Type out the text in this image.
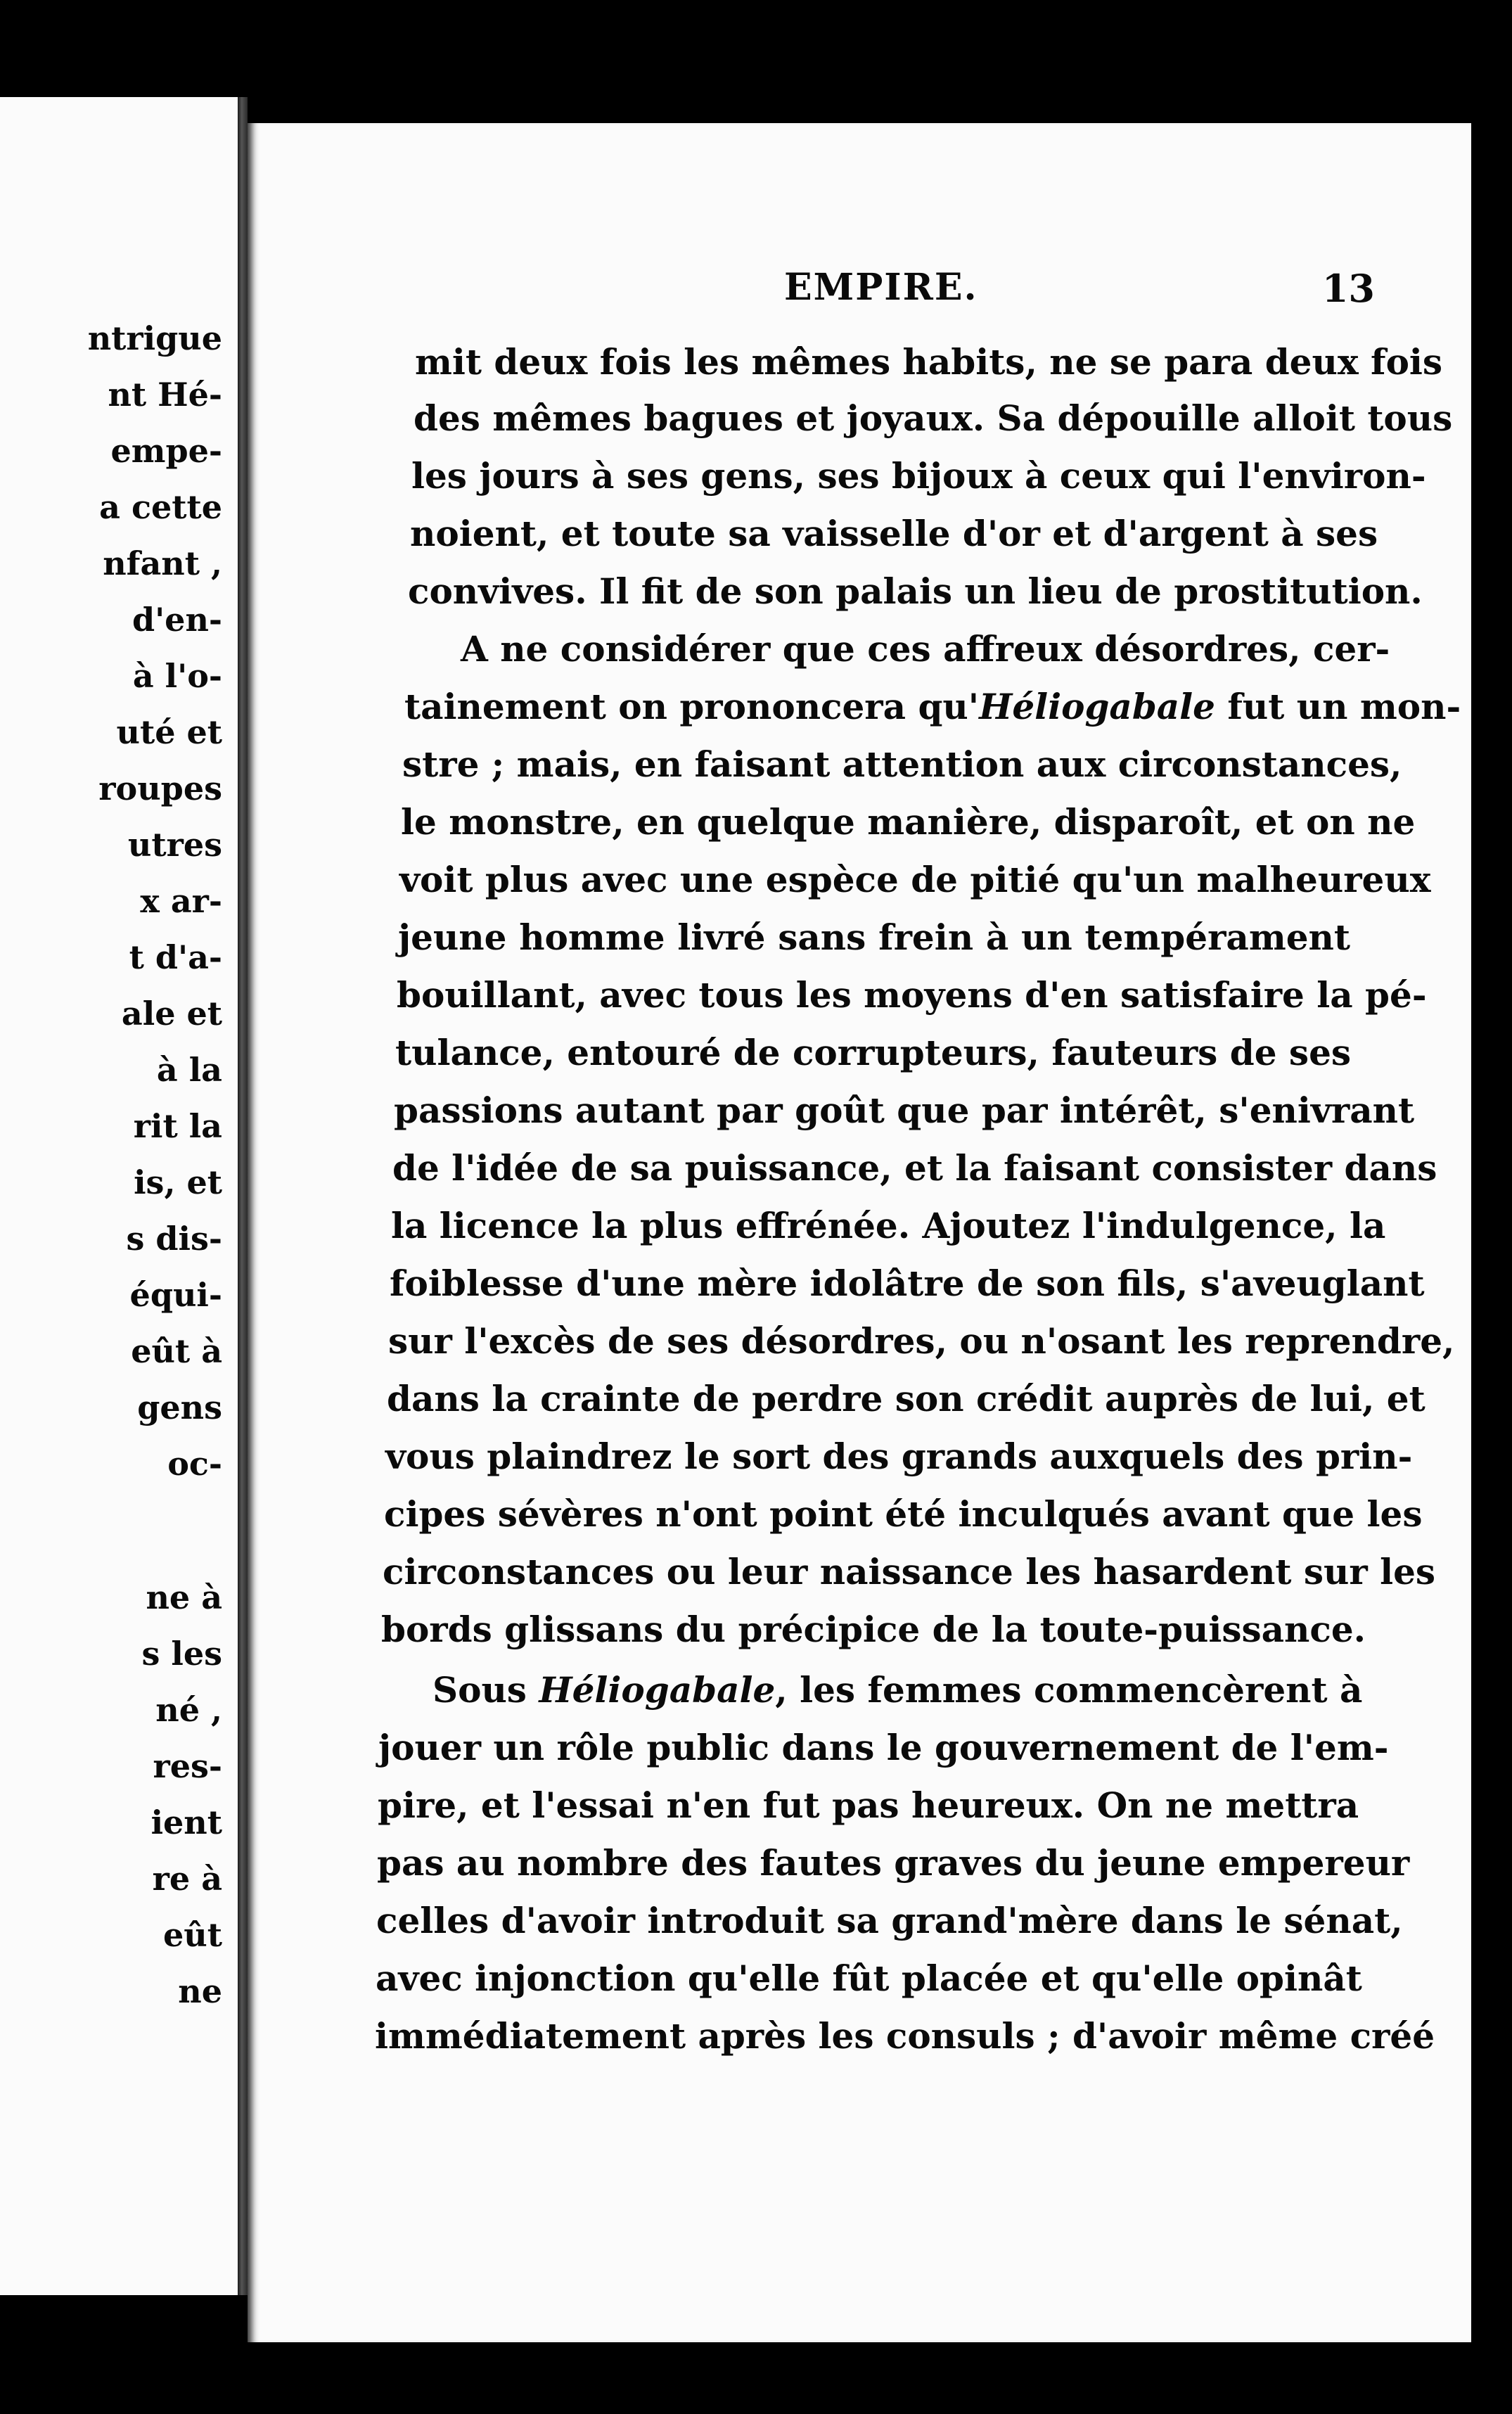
ntrigue
nt Hé-
empe-
a cette
nfant ,
d'en-
à l'o-
uté et
roupes
utres
x ar-
t d'a-
ale et
à la
rit la
is, et
s dis-
équi-
eût à
gens
oc-
ne à
s les
né ,
res-
ient
re à
eût
ne
EMPIRE.	13
mit deux fois les mêmes habits, ne se para deux fois
des mêmes bagues et joyaux. Sa dépouille alloit tous
les jours à ses gens, ses bijoux à ceux qui l'environ-
noient, et toute sa vaisselle d'or et d'argent à ses
convives. Il fit de son palais un lieu de prostitution.
A ne considérer que ces affreux désordres, cer-
tainement on prononcera qu'Héliogabale fut un mon-
stre ; mais, en faisant attention aux circonstances,
le monstre, en quelque manière, disparoît, et on ne
voit plus avec une espèce de pitié qu'un malheureux
jeune homme livré sans frein à un tempérament
bouillant, avec tous les moyens d'en satisfaire la pé-
tulance, entouré de corrupteurs, fauteurs de ses
passions autant par goût que par intérêt, s'enivrant
de l'idée de sa puissance, et la faisant consister dans
la licence la plus effrénée. Ajoutez l'indulgence, la
foiblesse d'une mère idolâtre de son fils, s'aveuglant
sur l'excès de ses désordres, ou n'osant les reprendre,
dans la crainte de perdre son crédit auprès de lui, et
vous plaindrez le sort des grands auxquels des prin-
cipes sévères n'ont point été inculqués avant que les
circonstances ou leur naissance les hasardent sur les
bords glissans du précipice de la toute-puissance.
Sous Héliogabale, les femmes commencèrent à
jouer un rôle public dans le gouvernement de l'em-
pire, et l'essai n'en fut pas heureux. On ne mettra
pas au nombre des fautes graves du jeune empereur
celles d'avoir introduit sa grand'mère dans le sénat,
avec injonction qu'elle fût placée et qu'elle opinât
immédiatement après les consuls ; d'avoir même créé
